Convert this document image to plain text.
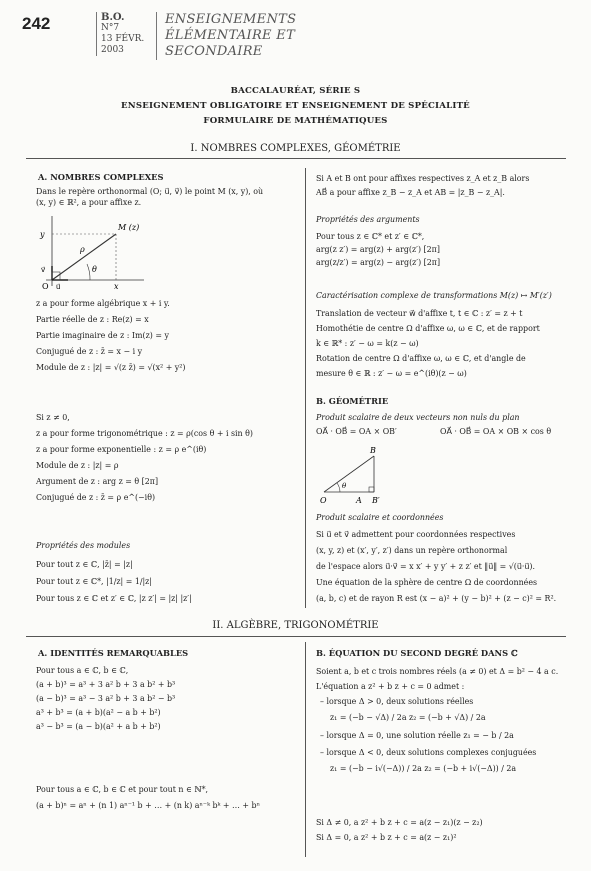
242	B.O.
N°7
13 FÉVR.
2003
ENSEIGNEMENTS
ÉLÉMENTAIRE ET
SECONDAIRE
BACCALAURÉAT, SÉRIE S
ENSEIGNEMENT OBLIGATOIRE ET ENSEIGNEMENT DE SPÉCIALITÉ
FORMULAIRE DE MATHÉMATIQUES
I. NOMBRES COMPLEXES, GÉOMÉTRIE
A. NOMBRES COMPLEXES
Dans le repère orthonormal (O; u⃗, v⃗) le point M (x, y), où
(x, y) ∈ ℝ², a pour affixe z.
M (z)
y
x
ρ
θ
O u⃗
v⃗
z a pour forme algébrique x + i y.
Partie réelle de z : Re(z) = x
Partie imaginaire de z : Im(z) = y
Conjugué de z : z̄ = x − i y
Module de z : |z| = √(z z̄) = √(x² + y²)
Si z ≠ 0,
z a pour forme trigonométrique : z = ρ(cos θ + i sin θ)
z a pour forme exponentielle : z = ρ e^(iθ)
Module de z : |z| = ρ
Argument de z : arg z = θ [2π]
Conjugué de z : z̄ = ρ e^(−iθ)
Propriétés des modules
Pour tout z ∈ ℂ, |z̄| = |z|
Pour tout z ∈ ℂ*, |1/z| = 1/|z|
Pour tous z ∈ ℂ et z′ ∈ ℂ, |z z′| = |z| |z′|
Si A et B ont pour affixes respectives z_A et z_B alors
AB⃗ a pour affixe z_B − z_A et AB = |z_B − z_A|.
Propriétés des arguments
Pour tous z ∈ ℂ* et z′ ∈ ℂ*,
arg(z z′) = arg(z) + arg(z′) [2π]
arg(z/z′) = arg(z) − arg(z′) [2π]
Caractérisation complexe de transformations M(z) ↦ M′(z′)
Translation de vecteur w⃗ d'affixe t, t ∈ ℂ : z′ = z + t
Homothétie de centre Ω d'affixe ω, ω ∈ ℂ, et de rapport
k ∈ ℝ* : z′ − ω = k(z − ω)
Rotation de centre Ω d'affixe ω, ω ∈ ℂ, et d'angle de
mesure θ ∈ ℝ : z′ − ω = e^(iθ)(z − ω)
B. GÉOMÉTRIE
Produit scalaire de deux vecteurs non nuls du plan
OA⃗ · OB⃗ = OA × OB′	OA⃗ · OB⃗ = OA × OB × cos θ
B
O	A B′
θ
Produit scalaire et coordonnées
Si u⃗ et v⃗ admettent pour coordonnées respectives
(x, y, z) et (x′, y′, z′) dans un repère orthonormal
de l'espace alors u⃗·v⃗ = x x′ + y y′ + z z′ et ‖u⃗‖ = √(u⃗·u⃗).
Une équation de la sphère de centre Ω de coordonnées
(a, b, c) et de rayon R est (x − a)² + (y − b)² + (z − c)² = R².
II. ALGÈBRE, TRIGONOMÉTRIE
A. IDENTITÉS REMARQUABLES
Pour tous a ∈ ℂ, b ∈ ℂ,
(a + b)³ = a³ + 3 a² b + 3 a b² + b³
(a − b)³ = a³ − 3 a² b + 3 a b² − b³
a³ + b³ = (a + b)(a² − a b + b²)
a³ − b³ = (a − b)(a² + a b + b²)
Pour tous a ∈ ℂ, b ∈ ℂ et pour tout n ∈ ℕ*,
(a + b)ⁿ = aⁿ + (n 1) aⁿ⁻¹ b + … + (n k) aⁿ⁻ᵏ bᵏ + … + bⁿ
B. ÉQUATION DU SECOND DEGRÉ DANS ℂ
Soient a, b et c trois nombres réels (a ≠ 0) et Δ = b² − 4 a c.
L'équation a z² + b z + c = 0 admet :
– lorsque Δ > 0, deux solutions réelles
z₁ = (−b − √Δ) / 2a z₂ = (−b + √Δ) / 2a
– lorsque Δ = 0, une solution réelle z₁ = − b / 2a
– lorsque Δ < 0, deux solutions complexes conjuguées
z₁ = (−b − i√(−Δ)) / 2a z₂ = (−b + i√(−Δ)) / 2a
Si Δ ≠ 0, a z² + b z + c = a(z − z₁)(z − z₂)
Si Δ = 0, a z² + b z + c = a(z − z₁)²
